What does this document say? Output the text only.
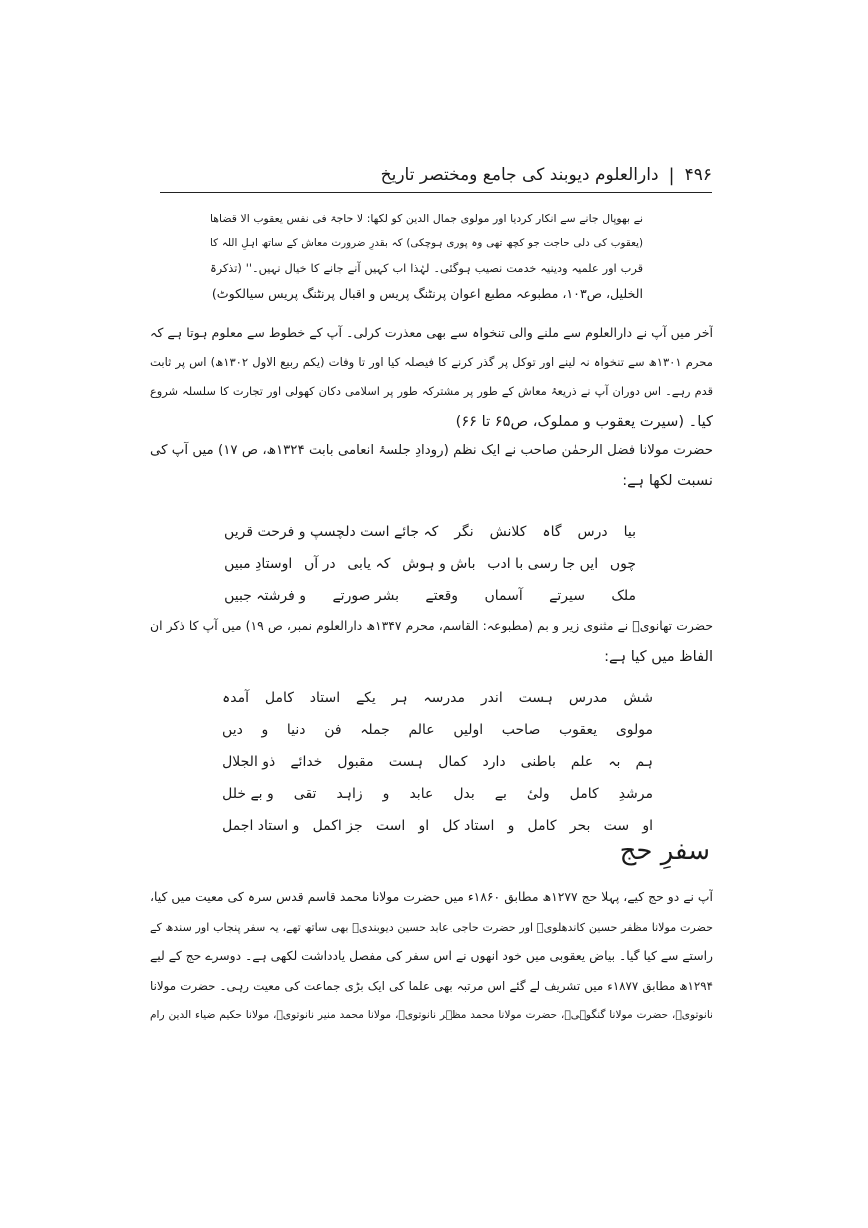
۴۹۶
|
دارالعلوم دیوبند کی جامع ومختصر تاریخ
نے بھوپال جانے سے انکار کردیا اور مولوی جمال الدین کو لکھا: لا حاجۃ فی نفس یعقوب الا قضاھا
(یعقوب کی دلی حاجت جو کچھ تھی وہ پوری ہوچکی) کہ بقدرِ ضرورت معاش کے ساتھ اہلِ اللہ کا
قرب اور علمیہ ودینیہ خدمت نصیب ہوگئی۔ لہٰذا اب کہیں آنے جانے کا خیال نہیں۔'' (تذکرۃ
الخلیل، ص۱۰۳، مطبوعہ مطبع اعوان پرنٹنگ پریس و اقبال پرنٹنگ پریس سیالکوٹ)
آخر میں آپ نے دارالعلوم سے ملنے والی تنخواہ سے بھی معذرت کرلی۔ آپ کے خطوط سے معلوم ہوتا ہے کہ
محرم ۱۳۰۱ھ سے تنخواہ نہ لینے اور توکل پر گذر کرنے کا فیصلہ کیا اور تا وفات (یکم ربیع الاول ۱۳۰۲ھ) اس پر ثابت
قدم رہے۔ اس دوران آپ نے ذریعۂ معاش کے طور پر مشترکہ طور پر اسلامی دکان کھولی اور تجارت کا سلسلہ شروع
کیا۔ (سیرت یعقوب و مملوک، ص۶۵ تا ۶۶)
حضرت مولانا فضل الرحمٰن صاحب نے ایک نظم (رودادِ جلسۂ انعامی بابت ۱۳۲۴ھ، ص ۱۷) میں آپ کی
نسبت لکھا ہے:
بیا
درس
گاہ
کلانش
نگر
کہ جائے است دلچسپ و فرحت قریں
چوں
ایں جا رسی با ادب
باش و ہوش
کہ یابی
در آں
اوستادِ مبیں
ملک
سیرتے
آسماں
وقعتے
بشر صورتے
و فرشتہ جبیں
حضرت تھانویؒ نے مثنوی زیر و بم (مطبوعہ: القاسم، محرم ۱۳۴۷ھ دارالعلوم نمبر، ص ۱۹) میں آپ کا ذکر ان
الفاظ میں کیا ہے:
شش
مدرس
ہست
اندر
مدرسہ
ہر
یکے
استاد
کامل
آمدہ
مولوی
یعقوب
صاحب
اولیں
عالم
جملہ
فن
دنیا
و
دیں
ہم
بہ
علم
باطنی
دارد
کمال
ہست
مقبول
خدائے
ذو الجلال
مرشدِ
کامل
ولیٔ
بے
بدل
عابد
و
زاہد
تقی
و بے خلل
او
ست
بحر
کامل
و
استاد کل
او
است
جز اکمل
و استاد اجمل
سفرِ حج
آپ نے دو حج کیے، پہلا حج ۱۲۷۷ھ مطابق ۱۸۶۰ء میں حضرت مولانا محمد قاسم قدس سرہ کی معیت میں کیا،
حضرت مولانا مظفر حسین کاندھلویؒ اور حضرت حاجی عابد حسین دیوبندیؒ بھی ساتھ تھے، یہ سفر پنجاب اور سندھ کے
راستے سے کیا گیا۔ بیاض یعقوبی میں خود انھوں نے اس سفر کی مفصل یادداشت لکھی ہے۔ دوسرے حج کے لیے
۱۲۹۴ھ مطابق ۱۸۷۷ء میں تشریف لے گئے اس مرتبہ بھی علما کی ایک بڑی جماعت کی معیت رہی۔ حضرت مولانا
نانوتویؒ، حضرت مولانا گنگوہیؒ، حضرت مولانا محمد مظہر نانوتویؒ، مولانا محمد منیر نانوتویؒ، مولانا حکیم ضیاء الدین رام
